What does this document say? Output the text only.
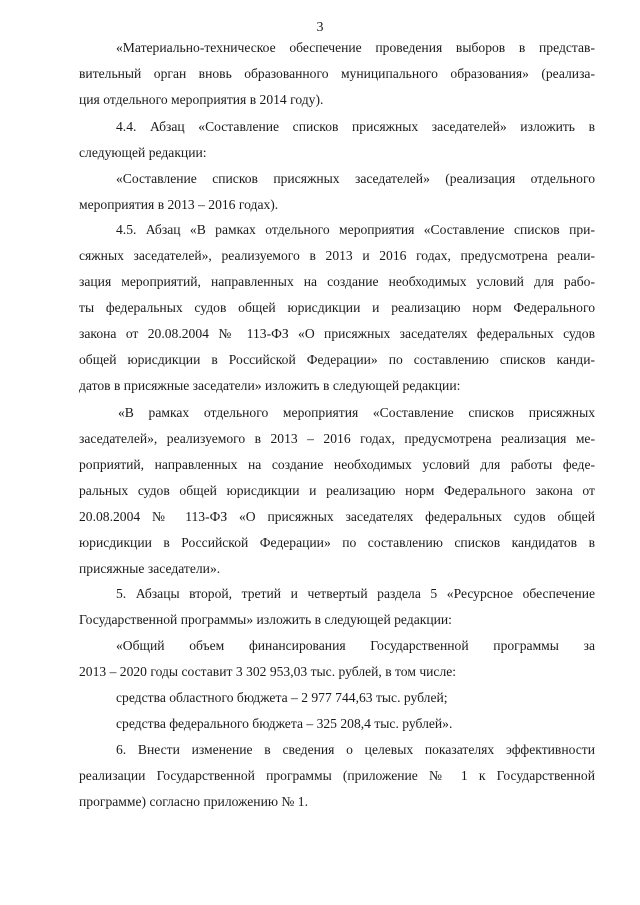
3
«Материально-техническое обеспечение проведения выборов в представ-
вительный орган вновь образованного муниципального образования» (реализа-
ция отдельного мероприятия в 2014 году).
4.4. Абзац «Составление списков присяжных заседателей» изложить в
следующей редакции:
«Составление списков присяжных заседателей» (реализация отдельного
мероприятия в 2013 – 2016 годах).
4.5. Абзац «В рамках отдельного мероприятия «Составление списков при-
сяжных заседателей», реализуемого в 2013 и 2016 годах, предусмотрена реали-
зация мероприятий, направленных на создание необходимых условий для рабо-
ты федеральных судов общей юрисдикции и реализацию норм Федерального
закона от 20.08.2004 № 113-ФЗ «О присяжных заседателях федеральных судов
общей юрисдикции в Российской Федерации» по составлению списков канди-
датов в присяжные заседатели» изложить в следующей редакции:
«В рамках отдельного мероприятия «Составление списков присяжных
заседателей», реализуемого в 2013 – 2016 годах, предусмотрена реализация ме-
роприятий, направленных на создание необходимых условий для работы феде-
ральных судов общей юрисдикции и реализацию норм Федерального закона от
20.08.2004 № 113-ФЗ «О присяжных заседателях федеральных судов общей
юрисдикции в Российской Федерации» по составлению списков кандидатов в
присяжные заседатели».
5. Абзацы второй, третий и четвертый раздела 5 «Ресурсное обеспечение
Государственной программы» изложить в следующей редакции:
«Общий объем финансирования Государственной программы за
2013 – 2020 годы составит 3 302 953,03 тыс. рублей, в том числе:
средства областного бюджета – 2 977 744,63 тыс. рублей;
средства федерального бюджета – 325 208,4 тыс. рублей».
6. Внести изменение в сведения о целевых показателях эффективности
реализации Государственной программы (приложение № 1 к Государственной
программе) согласно приложению № 1.
